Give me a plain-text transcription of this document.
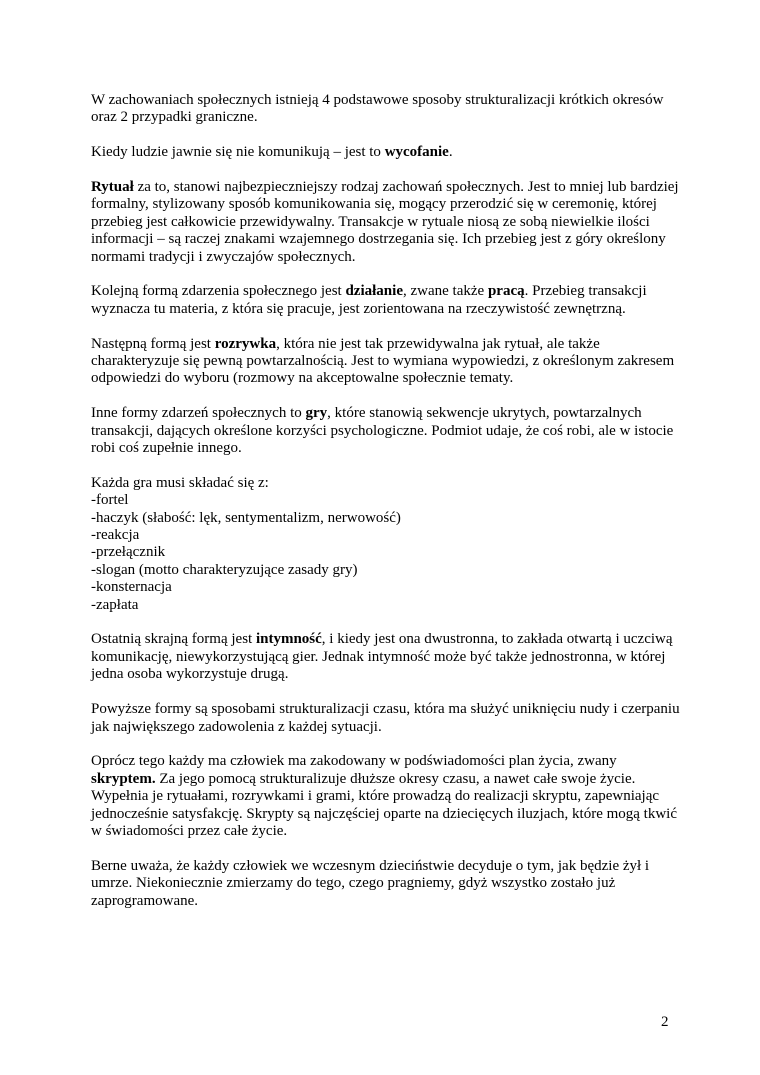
W zachowaniach społecznych istnieją 4 podstawowe sposoby strukturalizacji krótkich okresów oraz 2 przypadki graniczne.

Kiedy ludzie jawnie się nie komunikują – jest to wycofanie.

Rytuał za to, stanowi najbezpieczniejszy rodzaj zachowań społecznych. Jest to mniej lub bardziej formalny, stylizowany sposób komunikowania się, mogący przerodzić się w ceremonię, której przebieg jest całkowicie przewidywalny. Transakcje w rytuale niosą ze sobą niewielkie ilości informacji – są raczej znakami wzajemnego dostrzegania się. Ich przebieg jest z góry określony normami tradycji i zwyczajów społecznych.

Kolejną formą zdarzenia społecznego jest działanie, zwane także pracą. Przebieg transakcji wyznacza tu materia, z która się pracuje, jest zorientowana na rzeczywistość zewnętrzną.

Następną formą jest rozrywka, która nie jest tak przewidywalna jak rytuał, ale także charakteryzuje się pewną powtarzalnością. Jest to wymiana wypowiedzi, z określonym zakresem odpowiedzi do wyboru (rozmowy na akceptowalne społecznie tematy.

Inne formy zdarzeń społecznych to gry, które stanowią sekwencje ukrytych, powtarzalnych transakcji, dających określone korzyści psychologiczne. Podmiot udaje, że coś robi, ale w istocie robi coś zupełnie innego.

Każda gra musi składać się z:
-fortel
-haczyk (słabość: lęk, sentymentalizm, nerwowość)
-reakcja
-przełącznik
-slogan (motto charakteryzujące zasady gry)
-konsternacja
-zapłata

Ostatnią skrajną formą jest intymność, i kiedy jest ona dwustronna, to zakłada otwartą i uczciwą komunikację, niewykorzystującą gier. Jednak intymność może być także jednostronna, w której jedna osoba wykorzystuje drugą.

Powyższe formy są sposobami strukturalizacji czasu, która ma służyć uniknięciu nudy i czerpaniu jak największego zadowolenia z każdej sytuacji.

Oprócz tego każdy ma człowiek ma zakodowany w podświadomości plan życia, zwany skryptem. Za jego pomocą strukturalizuje dłuższe okresy czasu, a nawet całe swoje życie. Wypełnia je rytuałami, rozrywkami i grami, które prowadzą do realizacji skryptu, zapewniając jednocześnie satysfakcję. Skrypty są najczęściej oparte na dziecięcych iluzjach, które mogą tkwić w świadomości przez całe życie.

Berne uważa, że każdy człowiek we wczesnym dzieciństwie decyduje o tym, jak będzie żył i umrze. Niekoniecznie zmierzamy do tego, czego pragniemy, gdyż wszystko zostało już zaprogramowane.

2
